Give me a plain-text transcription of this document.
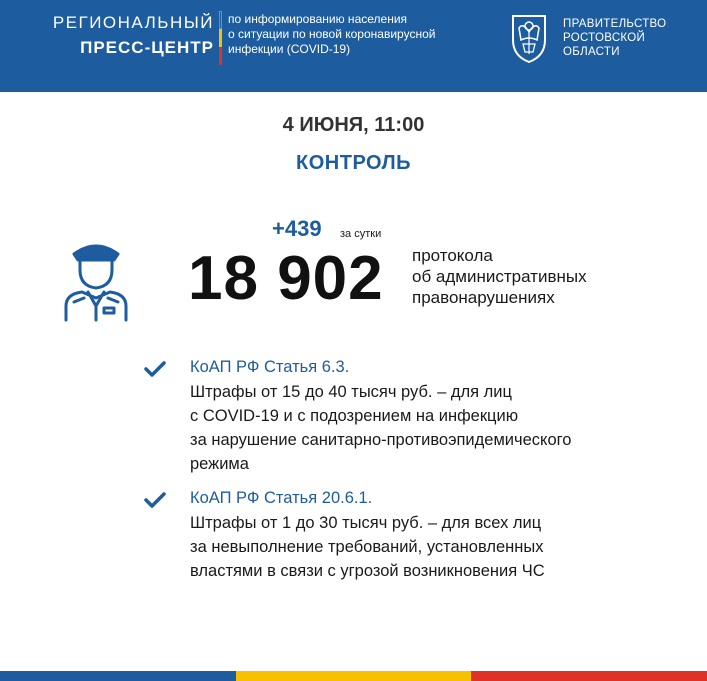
РЕГИОНАЛЬНЫЙ
ПРЕСС-ЦЕНТР
по информированию населения
о ситуации по новой коронавирусной
инфекции (COVID-19)
ПРАВИТЕЛЬСТВО
РОСТОВСКОЙ
ОБЛАСТИ
4 ИЮНЯ, 11:00
КОНТРОЛЬ
+439 за сутки
18 902 протокола
об административных
правонарушениях
КоАП РФ Статья 6.3.
Штрафы от 15 до 40 тысяч руб. – для лиц
с COVID-19 и с подозрением на инфекцию
за нарушение санитарно-противоэпидемического
режима
КоАП РФ Статья 20.6.1.
Штрафы от 1 до 30 тысяч руб. – для всех лиц
за невыполнение требований, установленных
властями в связи с угрозой возникновения ЧС
